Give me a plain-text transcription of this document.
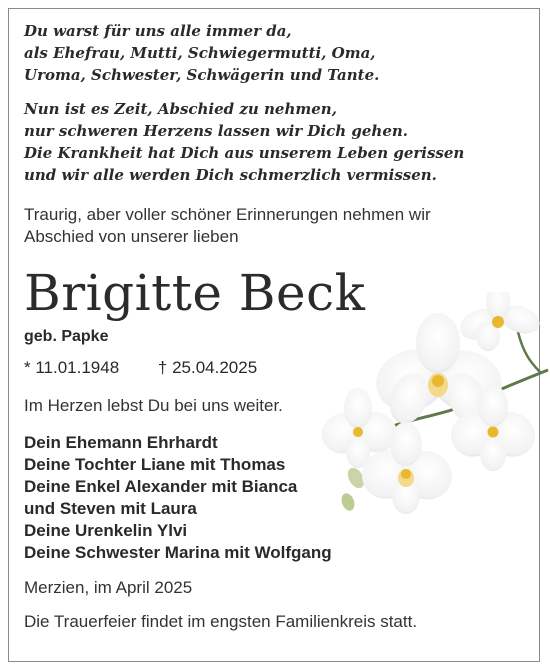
Du warst für uns alle immer da,

als Ehefrau, Mutti, Schwiegermutti, Oma,

Uroma, Schwester, Schwägerin und Tante.

Nun ist es Zeit, Abschied zu nehmen,

nur schweren Herzens lassen wir Dich gehen.

Die Krankheit hat Dich aus unserem Leben gerissen

und wir alle werden Dich schmerzlich vermissen.

Traurig, aber voller schöner Erinnerungen nehmen wir

Abschied von unserer lieben

Brigitte Beck
geb. Papke
* 11.01.1948 † 25.04.2025
Im Herzen lebst Du bei uns weiter.

Dein Ehemann Ehrhardt

Deine Tochter Liane mit Thomas

Deine Enkel Alexander mit Bianca

und Steven mit Laura

Deine Urenkelin Ylvi

Deine Schwester Marina mit Wolfgang

Merzien, im April 2025
Die Trauerfeier findet im engsten Familienkreis statt.
